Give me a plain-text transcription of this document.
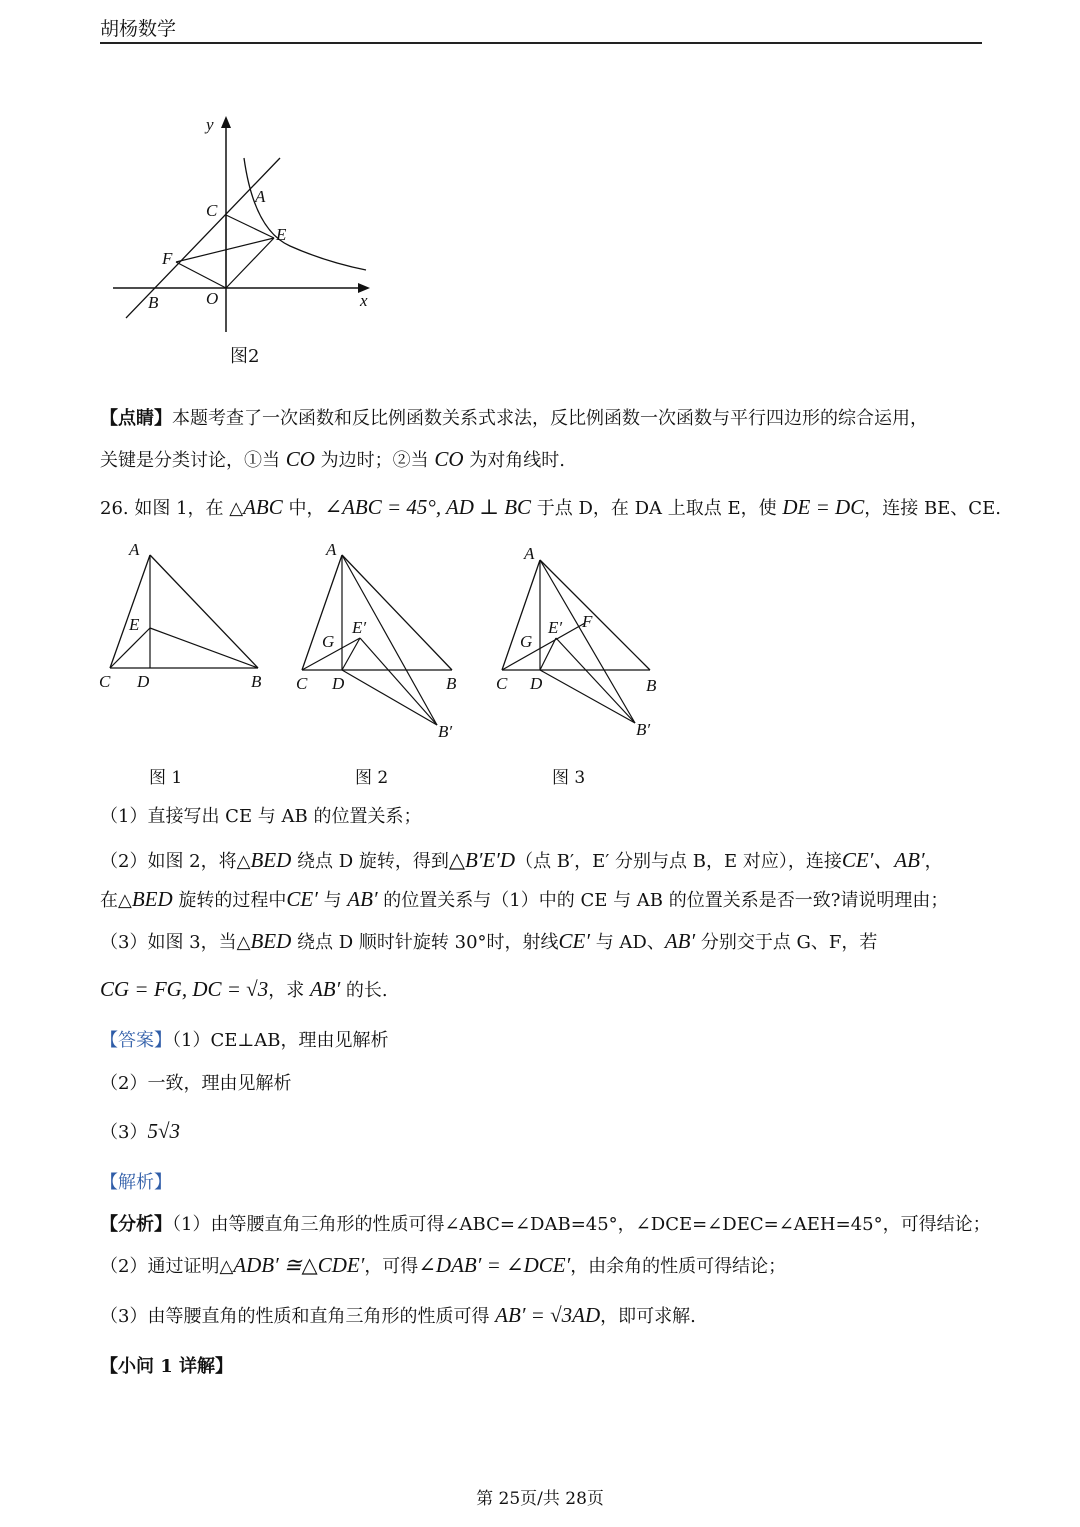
胡杨数学
y
x
C
A
E
F
B	O
图2
【点睛】本题考查了一次函数和反比例函数关系式求法，反比例函数一次函数与平行四边形的综合运用，
关键是分类讨论，①当 CO 为边时；②当 CO 为对角线时.
26. 如图 1，在 △ABC 中，∠ABC = 45°, AD ⊥ BC 于点 D，在 DA 上取点 E，使 DE = DC，连接 BE、CE.
A
E
C D	B
图 1
A
G
E′
C D	B
B′
图 2
A
F
G
E′
C D	B
B′
图 3
（1）直接写出 CE 与 AB 的位置关系；
（2）如图 2，将△BED 绕点 D 旋转，得到△B′E′D（点 B′，E′ 分别与点 B，E 对应），连接CE′、AB′，
在△BED 旋转的过程中CE′ 与 AB′ 的位置关系与（1）中的 CE 与 AB 的位置关系是否一致?请说明理由；
（3）如图 3，当△BED 绕点 D 顺时针旋转 30°时，射线CE′ 与 AD、AB′ 分别交于点 G、F，若
CG = FG, DC = √3，求 AB′ 的长.
【答案】（1）CE⊥AB，理由见解析
（2）一致，理由见解析
（3）5√3
【解析】
【分析】（1）由等腰直角三角形的性质可得∠ABC=∠DAB=45°，∠DCE=∠DEC=∠AEH=45°，可得结论；
（2）通过证明△ADB′ ≅△CDE′，可得∠DAB′ = ∠DCE′，由余角的性质可得结论；
（3）由等腰直角的性质和直角三角形的性质可得 AB′ = √3AD，即可求解.
【小问 1 详解】
第 25页/共 28页
